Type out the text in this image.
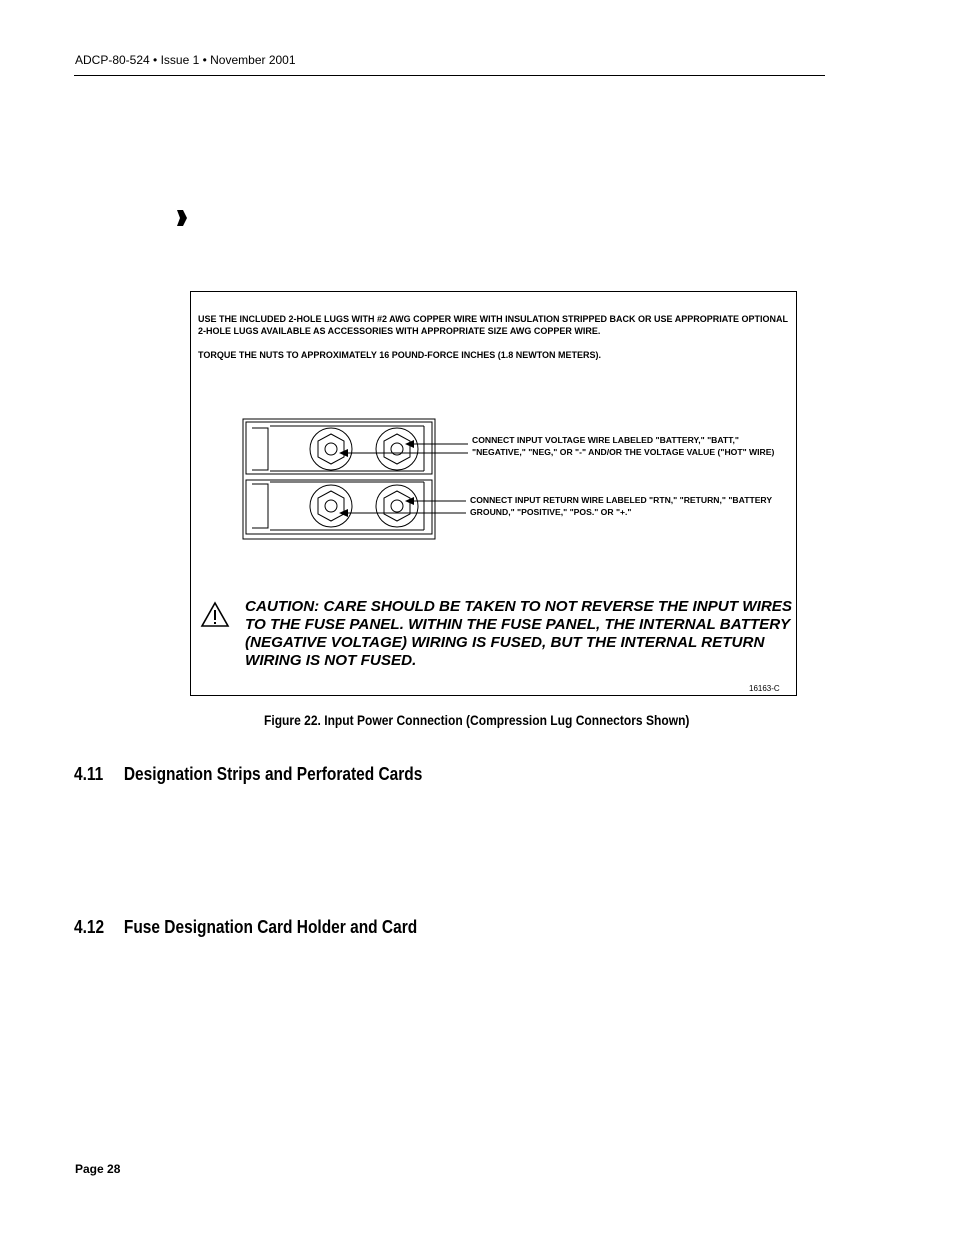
ADCP-80-524 • Issue 1 • November 2001
USE THE INCLUDED 2-HOLE LUGS WITH #2 AWG COPPER WIRE WITH INSULATION STRIPPED BACK OR USE APPROPRIATE OPTIONAL 2-HOLE LUGS AVAILABLE AS ACCESSORIES WITH APPROPRIATE SIZE AWG COPPER WIRE.
TORQUE THE NUTS TO APPROXIMATELY 16 POUND-FORCE INCHES (1.8 NEWTON METERS).
CONNECT INPUT VOLTAGE WIRE LABELED "BATTERY," "BATT," "NEGATIVE," "NEG," OR "-" AND/OR THE VOLTAGE VALUE ("HOT" WIRE)
CONNECT INPUT RETURN WIRE LABELED "RTN," "RETURN," "BATTERY GROUND," "POSITIVE," "POS." OR "+."
CAUTION: CARE SHOULD BE TAKEN TO NOT REVERSE THE INPUT WIRES TO THE FUSE PANEL. WITHIN THE FUSE PANEL, THE INTERNAL BATTERY (NEGATIVE VOLTAGE) WIRING IS FUSED, BUT THE INTERNAL RETURN WIRING IS NOT FUSED.
16163-C
Figure 22. Input Power Connection (Compression Lug Connectors Shown)
4.11 Designation Strips and Perforated Cards
4.12 Fuse Designation Card Holder and Card
Page 28
